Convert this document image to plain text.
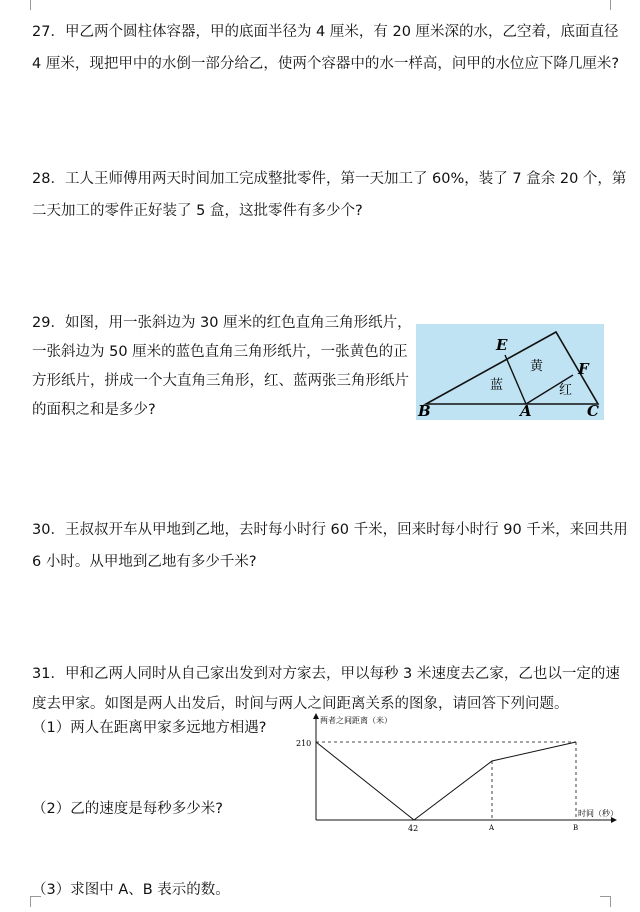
27．甲乙两个圆柱体容器，甲的底面半径为 4 厘米，有 20 厘米深的水，乙空着，底面直径 4 厘米，现把甲中的水倒一部分给乙，使两个容器中的水一样高，问甲的水位应下降几厘米?
28．工人王师傅用两天时间加工完成整批零件，第一天加工了 60%，装了 7 盒余 20 个，第二天加工的零件正好装了 5 盒，这批零件有多少个?
29．如图，用一张斜边为 30 厘米的红色直角三角形纸片，一张斜边为 50 厘米的蓝色直角三角形纸片，一张黄色的正方形纸片，拼成一个大直角三角形，红、蓝两张三角形纸片的面积之和是多少?
E
F
B	A	C
蓝
黄
红
30．王叔叔开车从甲地到乙地，去时每小时行 60 千米，回来时每小时行 90 千米，来回共用 6 小时。从甲地到乙地有多少千米?
31．甲和乙两人同时从自己家出发到对方家去，甲以每秒 3 米速度去乙家，乙也以一定的速度去甲家。如图是两人出发后，时间与两人之间距离关系的图象，请回答下列问题。
（1）两人在距离甲家多远地方相遇?
（2）乙的速度是每秒多少米?
（3）求图中 A、B 表示的数。
两者之间距离（米）
时间（秒）
210
42	A	B
